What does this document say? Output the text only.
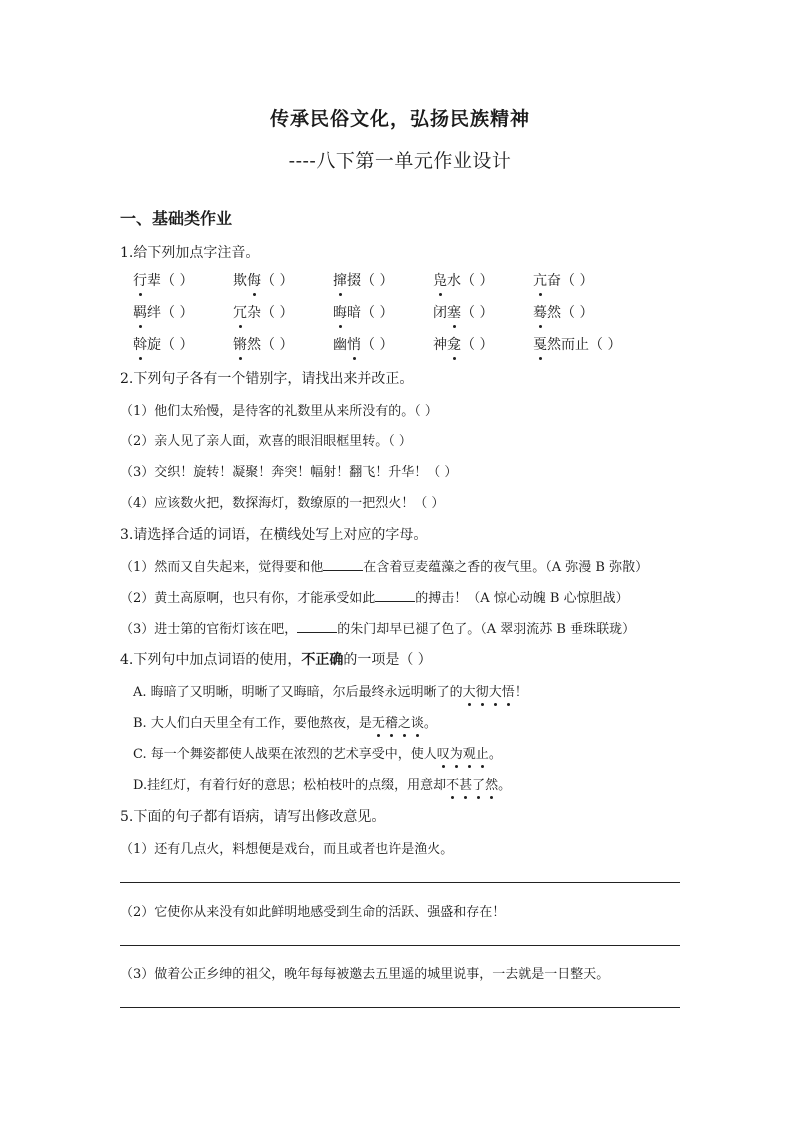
传承民俗文化，弘扬民族精神
----八下第一单元作业设计
一、基础类作业
1.给下列加点字注音。
行辈（ ）	欺侮（ ）	撺掇（ ）	凫水（ ）	亢奋（ ）
羁绊（ ）	冗杂（ ）	晦暗（ ）	闭塞（ ）	蓦然（ ）
斡旋（ ）	锵然（ ）	幽悄（ ）	神龛（ ）	戛然而止（ ）
2.下列句子各有一个错别字，请找出来并改正。
（1）他们太殆慢，是待客的礼数里从来所没有的。（ ）
（2）亲人见了亲人面，欢喜的眼泪眼框里转。（ ）
（3）交织！旋转！凝聚！奔突！幅射！翻飞！升华！（ ）
（4）应该数火把，数探海灯，数缭原的一把烈火！（ ）
3.请选择合适的词语，在横线处写上对应的字母。
（1）然而又自失起来，觉得要和他	在含着豆麦蕴藻之香的夜气里。（A 弥漫 B 弥散）
（2）黄土高原啊，也只有你，才能承受如此	的搏击！（A 惊心动魄 B 心惊胆战）
（3）进士第的官衔灯该在吧，	的朱门却早已褪了色了。（A 翠羽流苏 B 垂珠联珑）
4.下列句中加点词语的使用，不正确的一项是（ ）
A. 晦暗了又明晰，明晰了又晦暗，尔后最终永远明晰了的大彻大悟！
B. 大人们白天里全有工作，要他熬夜，是无稽之谈。
C. 每一个舞姿都使人战栗在浓烈的艺术享受中，使人叹为观止。
D.挂红灯，有着行好的意思；松柏枝叶的点缀，用意却不甚了然。
5.下面的句子都有语病，请写出修改意见。
（1）还有几点火，料想便是戏台，而且或者也许是渔火。
（2）它使你从来没有如此鲜明地感受到生命的活跃、强盛和存在！
（3）做着公正乡绅的祖父，晚年每每被邀去五里遥的城里说事，一去就是一日整天。
